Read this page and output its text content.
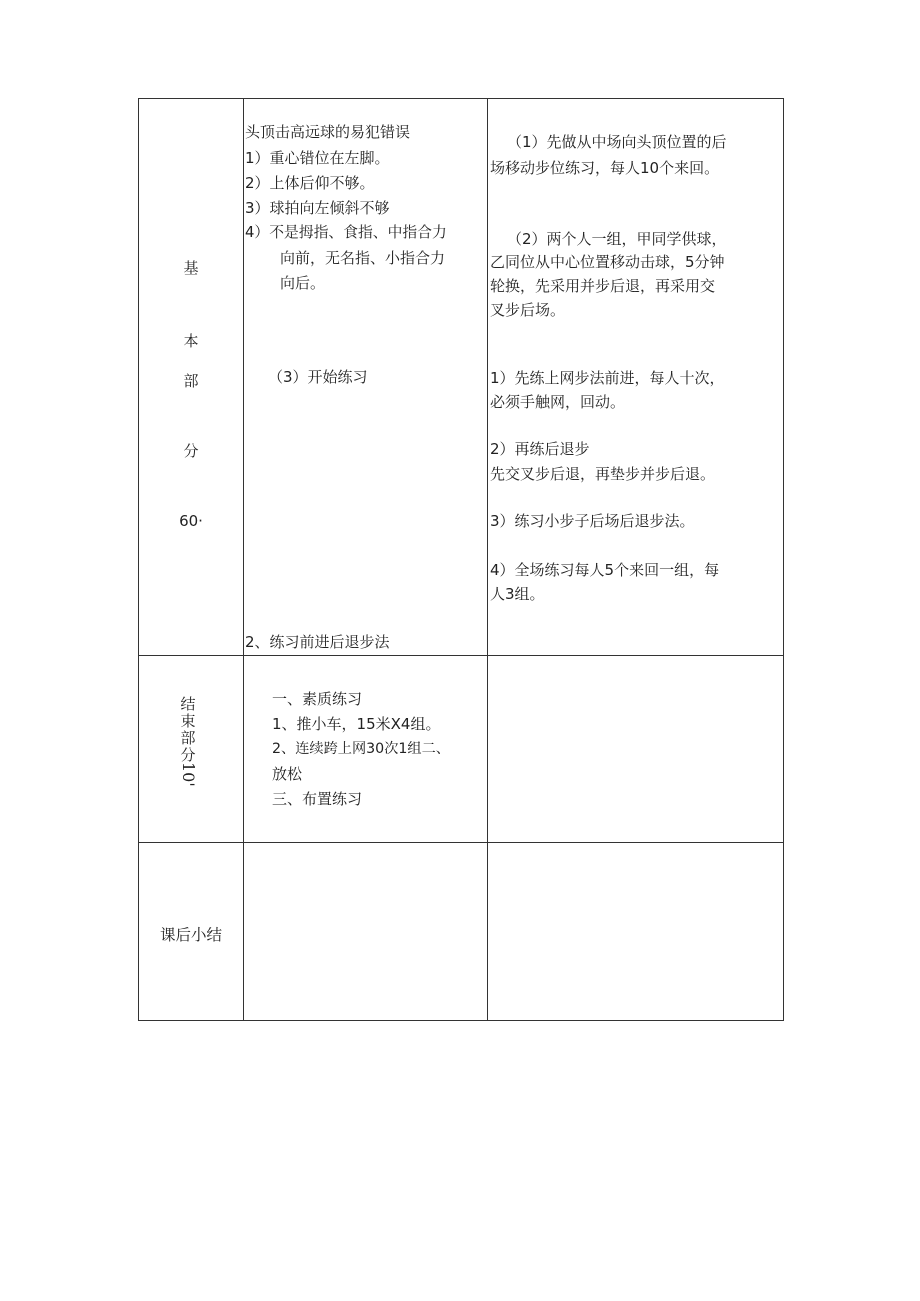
基
本
部
分
60·
头顶击高远球的易犯错误
1）重心错位在左脚。
2）上体后仰不够。
3）球拍向左倾斜不够
4）不是拇指、食指、中指合力
向前，无名指、小指合力
向后。
（3）开始练习
2、练习前进后退步法
（1）先做从中场向头顶位置的后
场移动步位练习，每人10个来回。
（2）两个人一组，甲同学供球，
乙同位从中心位置移动击球，5分钟
轮换，先采用并步后退，再采用交
叉步后场。
1）先练上网步法前进，每人十次，
必须手触网，回动。
2）再练后退步
先交叉步后退，再垫步并步后退。
3）练习小步子后场后退步法。
4）全场练习每人5个来回一组，每
人3组。
结
束
部
分
10'
一、素质练习
1、推小车，15米X4组。
2、连续跨上网30次1组二、
放松
三、布置练习
课后小结
